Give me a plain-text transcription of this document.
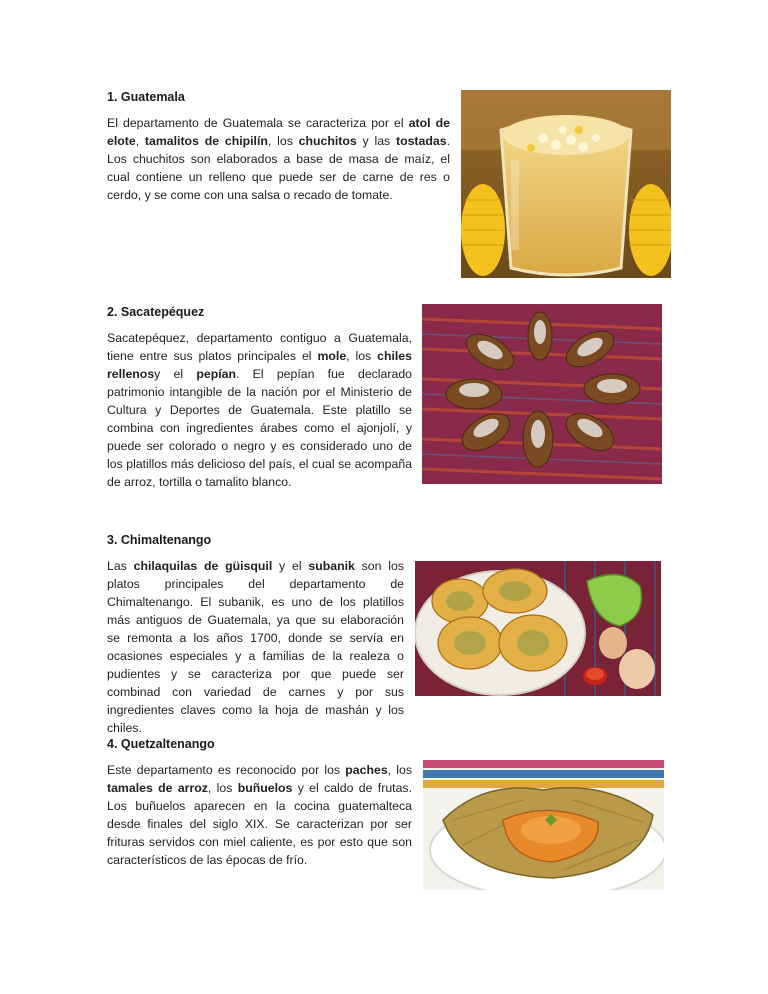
1. Guatemala

El departamento de Guatemala se caracteriza por el atol de elote, tamalitos de chipilín, los chuchitos y las tostadas. Los chuchitos son elaborados a base de masa de maíz, el cual contiene un relleno que puede ser de carne de res o cerdo, y se come con una salsa o recado de tomate.

2. Sacatepéquez

Sacatepéquez, departamento contiguo a Guatemala, tiene entre sus platos principales el mole, los chiles rellenosy el pepían. El pepían fue declarado patrimonio intangible de la nación por el Ministerio de Cultura y Deportes de Guatemala. Este platillo se combina con ingredientes árabes como el ajonjolí, y puede ser colorado o negro y es considerado uno de los platillos más delicioso del país, el cual se acompaña de arroz, tortilla o tamalito blanco.

3. Chimaltenango

Las chilaquilas de güisquil y el subanik son los platos principales del departamento de Chimaltenango. El subanik, es uno de los platillos más antiguos de Guatemala, ya que su elaboración se remonta a los años 1700, donde se servía en ocasiones especiales y a familias de la realeza o pudientes y se caracteriza por que puede ser combinad con variedad de carnes y por sus ingredientes claves como la hoja de mashán y los chiles.

4. Quetzaltenango

Este departamento es reconocido por los paches, los tamales de arroz, los buñuelos y el caldo de frutas. Los buñuelos aparecen en la cocina guatemalteca desde finales del siglo XIX. Se caracterizan por ser frituras servidos con miel caliente, es por esto que son característicos de las épocas de frío.
